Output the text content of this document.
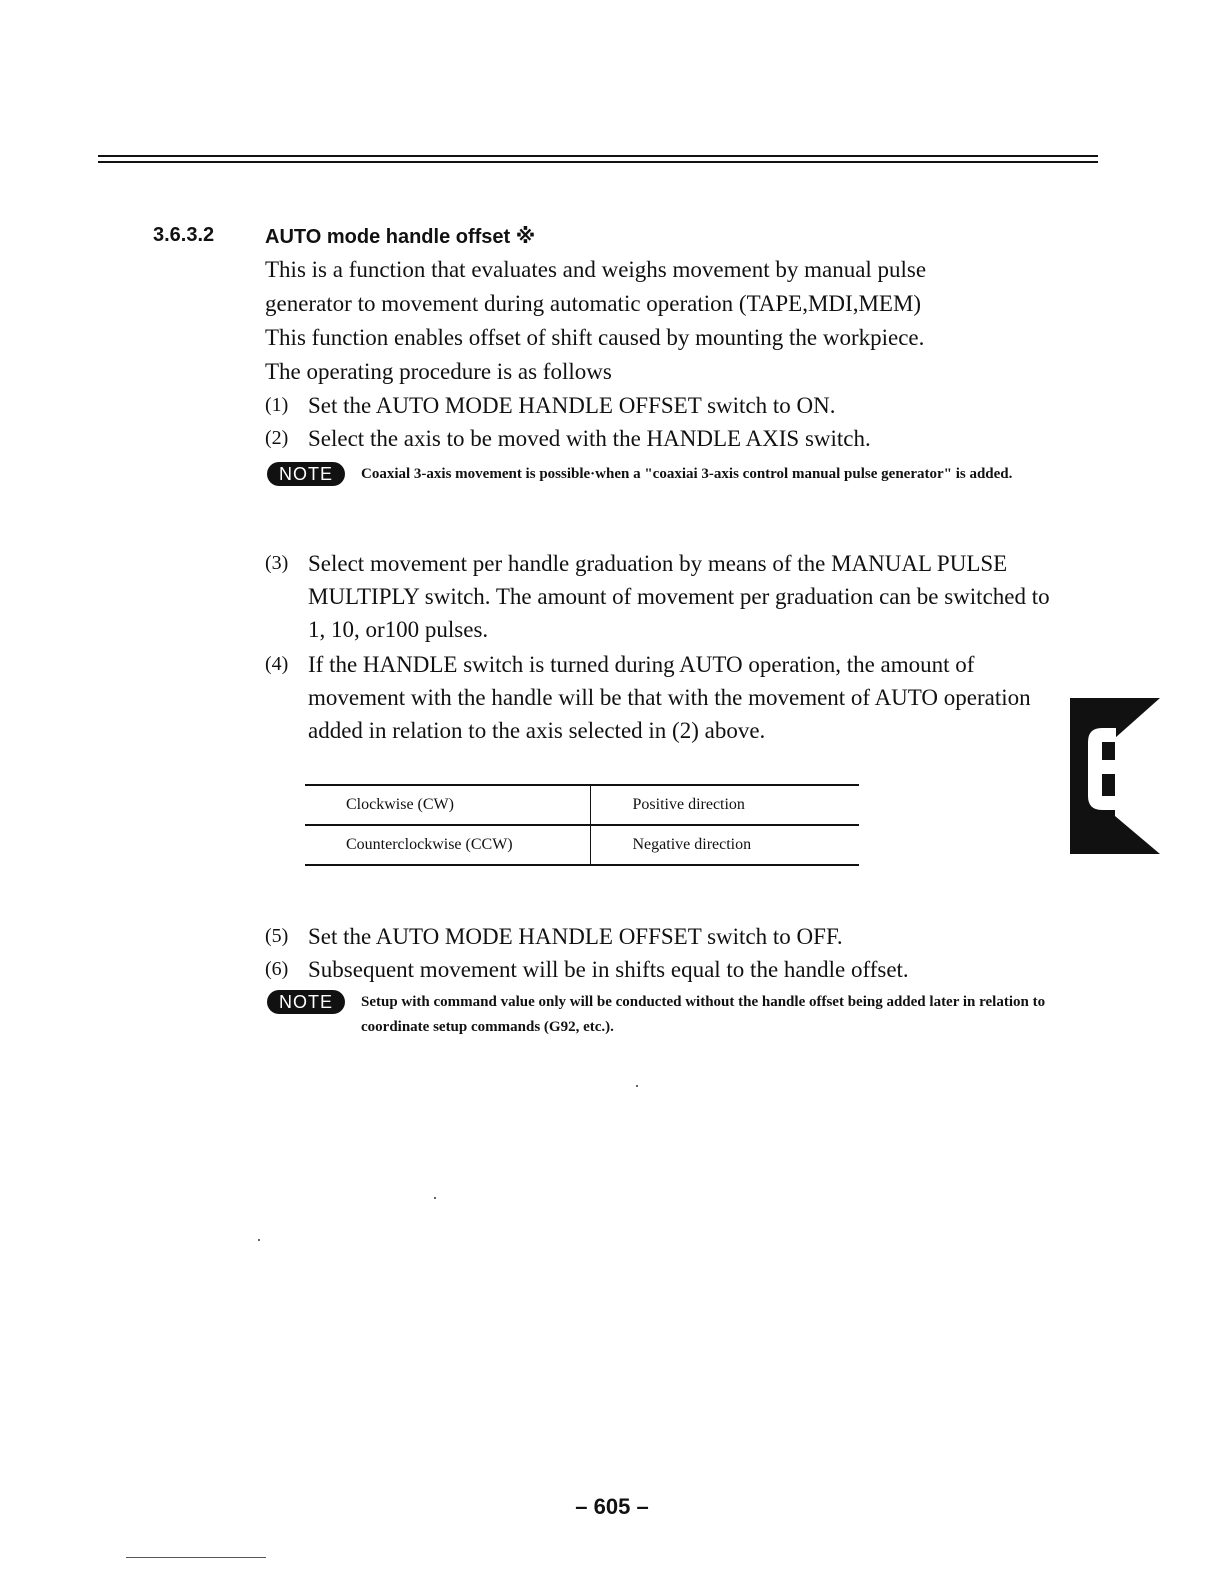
3.6.3.2	AUTO mode handle offset ※
This is a function that evaluates and weighs movement by manual pulse
generator to movement during automatic operation (TAPE,MDI,MEM)
This function enables offset of shift caused by mounting the workpiece.
The operating procedure is as follows
(1) Set the AUTO MODE HANDLE OFFSET switch to ON.
(2) Select the axis to be moved with the HANDLE AXIS switch.
NOTE	Coaxial 3-axis movement is possible·when a "coaxiai 3-axis control manual pulse generator" is added.
(3) Select movement per handle graduation by means of the MANUAL PULSE MULTIPLY switch. The amount of movement per graduation can be switched to 1, 10, or100 pulses.
(4) If the HANDLE switch is turned during AUTO operation, the amount of movement with the handle will be that with the movement of AUTO operation added in relation to the axis selected in (2) above.
Clockwise (CW)	Positive direction
Counterclockwise (CCW)	Negative direction
(5) Set the AUTO MODE HANDLE OFFSET switch to OFF.
(6) Subsequent movement will be in shifts equal to the handle offset.
NOTE	Setup with command value only will be conducted without the handle offset being added later in relation to coordinate setup commands (G92, etc.).
– 605 –
